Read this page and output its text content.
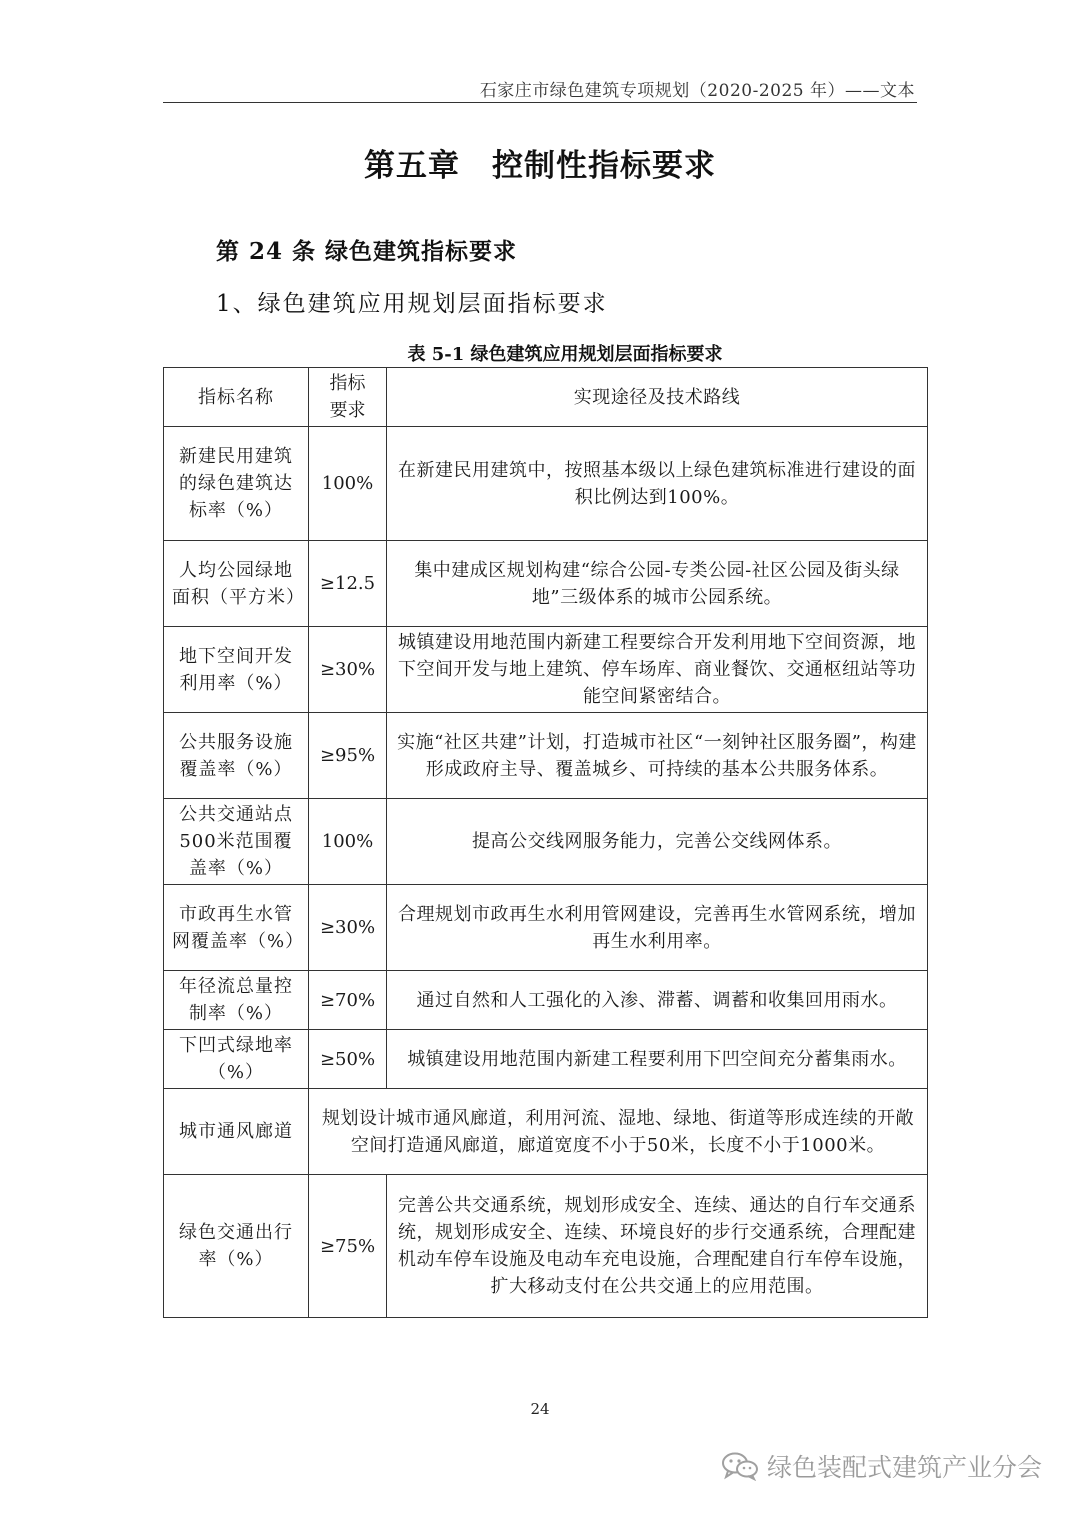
石家庄市绿色建筑专项规划（2020-2025 年）——文本
第五章　控制性指标要求
第 24 条 绿色建筑指标要求
1、绿色建筑应用规划层面指标要求
表 5-1 绿色建筑应用规划层面指标要求
指标名称	指标要求	实现途径及技术路线
新建民用建筑的绿色建筑达标率（%）	100%	在新建民用建筑中，按照基本级以上绿色建筑标准进行建设的面积比例达到100%。
人均公园绿地面积（平方米）	≥12.5	集中建成区规划构建“综合公园-专类公园-社区公园及街头绿地”三级体系的城市公园系统。
地下空间开发利用率（%）	≥30%	城镇建设用地范围内新建工程要综合开发利用地下空间资源，地下空间开发与地上建筑、停车场库、商业餐饮、交通枢纽站等功能空间紧密结合。
公共服务设施覆盖率（%）	≥95%	实施“社区共建”计划，打造城市社区“一刻钟社区服务圈”，构建形成政府主导、覆盖城乡、可持续的基本公共服务体系。
公共交通站点500米范围覆盖率（%）	100%	提高公交线网服务能力，完善公交线网体系。
市政再生水管网覆盖率（%）	≥30%	合理规划市政再生水利用管网建设，完善再生水管网系统，增加再生水利用率。
年径流总量控制率（%）	≥70%	通过自然和人工强化的入渗、滞蓄、调蓄和收集回用雨水。
下凹式绿地率（%）	≥50%	城镇建设用地范围内新建工程要利用下凹空间充分蓄集雨水。
城市通风廊道	规划设计城市通风廊道，利用河流、湿地、绿地、街道等形成连续的开敞空间打造通风廊道，廊道宽度不小于50米，长度不小于1000米。	
绿色交通出行率（%）	≥75%	完善公共交通系统，规划形成安全、连续、通达的自行车交通系统，规划形成安全、连续、环境良好的步行交通系统，合理配建机动车停车设施及电动车充电设施，合理配建自行车停车设施，扩大移动支付在公共交通上的应用范围。
24
绿色装配式建筑产业分会
